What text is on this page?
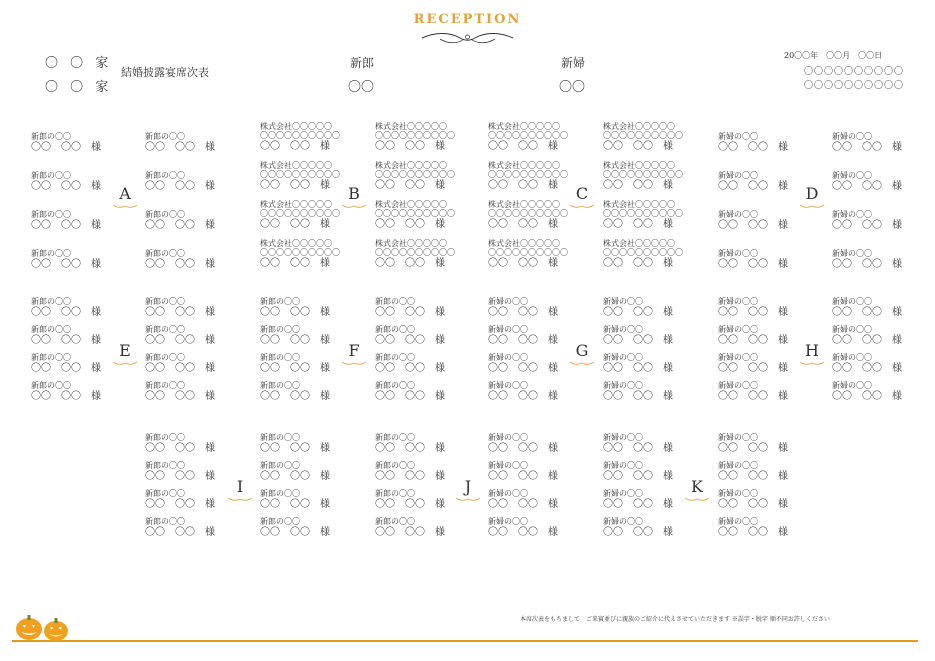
RECEPTION
〇 〇 家
〇 〇 家
結婚披露宴席次表
新郎
〇〇
新婦
〇〇
20〇〇年　〇〇月　〇〇日
〇〇〇〇〇〇〇〇〇〇
〇〇〇〇〇〇〇〇〇〇
新郎の〇〇
〇〇　〇〇　様
新郎の〇〇
〇〇　〇〇　様
新郎の〇〇
〇〇　〇〇　様
新郎の〇〇
〇〇　〇〇　様
新郎の〇〇
〇〇　〇〇　様
新郎の〇〇
〇〇　〇〇　様
新郎の〇〇
〇〇　〇〇　様
新郎の〇〇
〇〇　〇〇　様
株式会社〇〇〇〇〇
〇〇〇〇〇〇〇〇〇〇
〇〇　〇〇　様
株式会社〇〇〇〇〇
〇〇〇〇〇〇〇〇〇〇
〇〇　〇〇　様
株式会社〇〇〇〇〇
〇〇〇〇〇〇〇〇〇〇
〇〇　〇〇　様
株式会社〇〇〇〇〇
〇〇〇〇〇〇〇〇〇〇
〇〇　〇〇　様
株式会社〇〇〇〇〇
〇〇〇〇〇〇〇〇〇〇
〇〇　〇〇　様
株式会社〇〇〇〇〇
〇〇〇〇〇〇〇〇〇〇
〇〇　〇〇　様
株式会社〇〇〇〇〇
〇〇〇〇〇〇〇〇〇〇
〇〇　〇〇　様
株式会社〇〇〇〇〇
〇〇〇〇〇〇〇〇〇〇
〇〇　〇〇　様
株式会社〇〇〇〇〇
〇〇〇〇〇〇〇〇〇〇
〇〇　〇〇　様
株式会社〇〇〇〇〇
〇〇〇〇〇〇〇〇〇〇
〇〇　〇〇　様
株式会社〇〇〇〇〇
〇〇〇〇〇〇〇〇〇〇
〇〇　〇〇　様
株式会社〇〇〇〇〇
〇〇〇〇〇〇〇〇〇〇
〇〇　〇〇　様
株式会社〇〇〇〇〇
〇〇〇〇〇〇〇〇〇〇
〇〇　〇〇　様
株式会社〇〇〇〇〇
〇〇〇〇〇〇〇〇〇〇
〇〇　〇〇　様
株式会社〇〇〇〇〇
〇〇〇〇〇〇〇〇〇〇
〇〇　〇〇　様
株式会社〇〇〇〇〇
〇〇〇〇〇〇〇〇〇〇
〇〇　〇〇　様
新婦の〇〇
〇〇　〇〇　様
新婦の〇〇
〇〇　〇〇　様
新婦の〇〇
〇〇　〇〇　様
新婦の〇〇
〇〇　〇〇　様
新婦の〇〇
〇〇　〇〇　様
新婦の〇〇
〇〇　〇〇　様
新婦の〇〇
〇〇　〇〇　様
新婦の〇〇
〇〇　〇〇　様
A	B	C	D
新郎の〇〇
〇〇　〇〇　様
新郎の〇〇
〇〇　〇〇　様
新郎の〇〇
〇〇　〇〇　様
新郎の〇〇
〇〇　〇〇　様
新郎の〇〇
〇〇　〇〇　様
新郎の〇〇
〇〇　〇〇　様
新郎の〇〇
〇〇　〇〇　様
新郎の〇〇
〇〇　〇〇　様
新郎の〇〇
〇〇　〇〇　様
新郎の〇〇
〇〇　〇〇　様
新郎の〇〇
〇〇　〇〇　様
新郎の〇〇
〇〇　〇〇　様
新郎の〇〇
〇〇　〇〇　様
新郎の〇〇
〇〇　〇〇　様
新郎の〇〇
〇〇　〇〇　様
新郎の〇〇
〇〇　〇〇　様
新婦の〇〇
〇〇　〇〇　様
新婦の〇〇
〇〇　〇〇　様
新婦の〇〇
〇〇　〇〇　様
新婦の〇〇
〇〇　〇〇　様
新婦の〇〇
〇〇　〇〇　様
新婦の〇〇
〇〇　〇〇　様
新婦の〇〇
〇〇　〇〇　様
新婦の〇〇
〇〇　〇〇　様
新婦の〇〇
〇〇　〇〇　様
新婦の〇〇
〇〇　〇〇　様
新婦の〇〇
〇〇　〇〇　様
新婦の〇〇
〇〇　〇〇　様
新婦の〇〇
〇〇　〇〇　様
新婦の〇〇
〇〇　〇〇　様
新婦の〇〇
〇〇　〇〇　様
新婦の〇〇
〇〇　〇〇　様
E	F	G	H
新郎の〇〇
〇〇　〇〇　様
新郎の〇〇
〇〇　〇〇　様
新郎の〇〇
〇〇　〇〇　様
新郎の〇〇
〇〇　〇〇　様
新郎の〇〇
〇〇　〇〇　様
新郎の〇〇
〇〇　〇〇　様
新郎の〇〇
〇〇　〇〇　様
新郎の〇〇
〇〇　〇〇　様
新郎の〇〇
〇〇　〇〇　様
新婦の〇〇
〇〇　〇〇　様
新郎の〇〇
〇〇　〇〇　様
新婦の〇〇
〇〇　〇〇　様
新郎の〇〇
〇〇　〇〇　様
新婦の〇〇
〇〇　〇〇　様
新郎の〇〇
〇〇　〇〇　様
新婦の〇〇
〇〇　〇〇　様
新婦の〇〇
〇〇　〇〇　様
新婦の〇〇
〇〇　〇〇　様
新婦の〇〇
〇〇　〇〇　様
新婦の〇〇
〇〇　〇〇　様
新婦の〇〇
〇〇　〇〇　様
新婦の〇〇
〇〇　〇〇　様
新婦の〇〇
〇〇　〇〇　様
新婦の〇〇
〇〇　〇〇　様
I	J	K
本席次表をもちまして　ご来賓並びに親族のご紹介に代えさせていただきます ※誤字・脱字 順不同お許しください
